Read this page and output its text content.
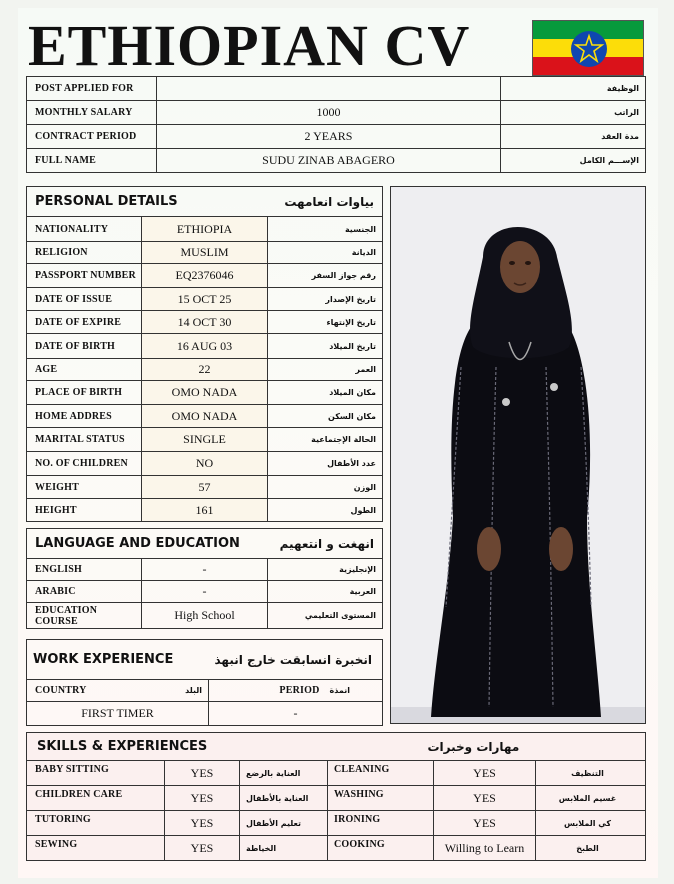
ETHIOPIAN CV
POST APPLIED FOR		الوظيفة
MONTHLY SALARY	1000	الراتب
CONTRACT PERIOD	2 YEARS	مدة العقد
FULL NAME	SUDU ZINAB ABAGERO	الإســـم الكامل
PERSONAL DETAILS		بياوات انعامهت
NATIONALITY	ETHIOPIA	الجنسية
RELIGION	MUSLIM	الديانة
PASSPORT NUMBER	EQ2376046	رقم جواز السفر
DATE OF ISSUE	15 OCT 25	تاريخ الإصدار
DATE OF EXPIRE	14 OCT 30	تاريخ الإنتهاء
DATE OF BIRTH	16 AUG 03	تاريخ الميلاد
AGE	22	العمر
PLACE OF BIRTH	OMO NADA	مكان الميلاد
HOME ADDRES	OMO NADA	مكان السكن
MARITAL STATUS	SINGLE	الحالة الإجتماعية
NO. OF CHILDREN	NO	عدد الأطفال
WEIGHT	57	الوزن
HEIGHT	161	الطول
LANGUAGE AND EDUCATION		انهغت و انتعهيم
ENGLISH	-	الإنجليزية
ARABIC	-	العربية
EDUCATION COURSE	High School	المستوى التعليمي
WORK EXPERIENCE		انخبرة انسابقت خارج انبهذ	
COUNTRY	البلد	PERIOD	انمذة
FIRST TIMER		-	
SKILLS & EXPERIENCES			مهارات وخبرات		
BABY SITTING	YES	العناية بالرضع	CLEANING	YES	التنظيف
CHILDREN CARE	YES	العناية بالأطفال	WASHING	YES	غسيم الملابس
TUTORING	YES	تعليم الأطفال	IRONING	YES	كي الملابس
SEWING	YES	الخياطة	COOKING	Willing to Learn	الطبخ
